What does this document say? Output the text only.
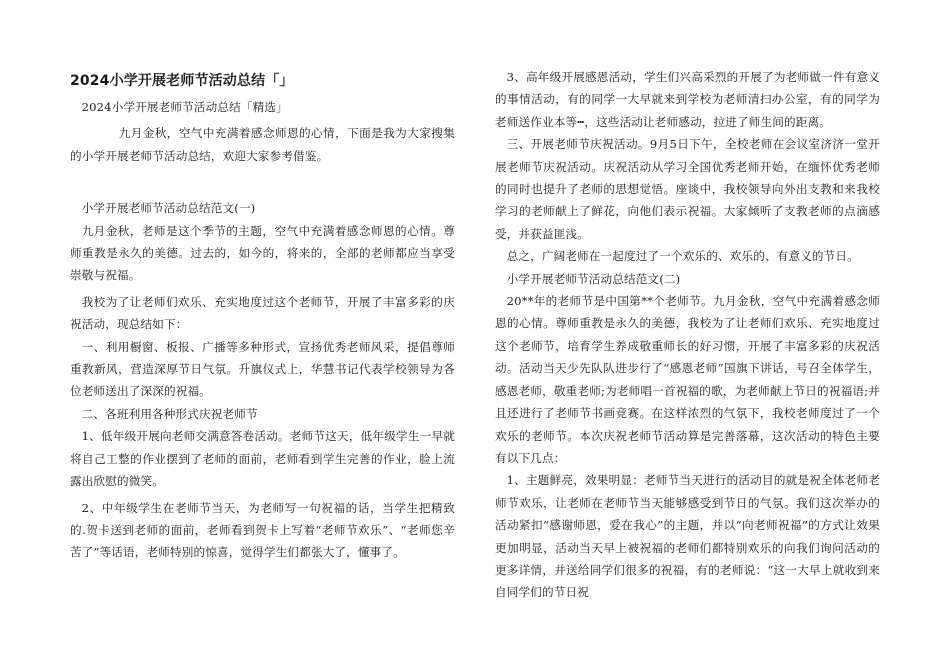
2024小学开展老师节活动总结「」

2024小学开展老师节活动总结「精选」

九月金秋，空气中充满着感念师恩的心情，下面是我为大家搜集的小学开展老师节活动总结，欢迎大家参考借鉴。

小学开展老师节活动总结范文(一)

九月金秋，老师是这个季节的主题，空气中充满着感念师恩的心情。尊师重教是永久的美德。过去的，如今的，将来的，全部的老师都应当享受崇敬与祝福。

我校为了让老师们欢乐、充实地度过这个老师节，开展了丰富多彩的庆祝活动，现总结如下：

一、利用橱窗、板报、广播等多种形式，宣扬优秀老师风采，提倡尊师重教新风，营造深厚节日气氛。升旗仪式上，华慧书记代表学校领导为各位老师送出了深深的祝福。

二、各班利用各种形式庆祝老师节

1、低年级开展向老师交满意答卷活动。老师节这天，低年级学生一早就将自己工整的作业摆到了老师的面前，老师看到学生完善的作业，脸上流露出欣慰的微笑。

2、中年级学生在老师节当天，为老师写一句祝福的话，当学生把精致的.贺卡送到老师的面前，老师看到贺卡上写着“老师节欢乐”、“老师您辛苦了”等话语，老师特别的惊喜，觉得学生们都张大了，懂事了。

3、高年级开展感恩活动，学生们兴高采烈的开展了为老师做一件有意义的事情活动，有的同学一大早就来到学校为老师清扫办公室，有的同学为老师送作业本等┅，这些活动让老师感动，拉进了师生间的距离。

三、开展老师节庆祝活动。9月5日下午，全校老师在会议室济济一堂开展老师节庆祝活动。庆祝活动从学习全国优秀老师开始，在缅怀优秀老师的同时也提升了老师的思想觉悟。座谈中，我校领导向外出支教和来我校学习的老师献上了鲜花，向他们表示祝福。大家倾听了支教老师的点滴感受，并获益匪浅。

总之，广阔老师在一起度过了一个欢乐的、欢乐的、有意义的节日。

小学开展老师节活动总结范文(二)

20**年的老师节是中国第**个老师节。九月金秋，空气中充满着感念师恩的心情。尊师重教是永久的美德，我校为了让老师们欢乐、充实地度过这个老师节，培育学生养成敬重师长的好习惯，开展了丰富多彩的庆祝活动。活动当天少先队队进步行了“感恩老师”国旗下讲话，号召全体学生，感恩老师，敬重老师;为老师唱一首祝福的歌，为老师献上节日的祝福语;并且还进行了老师节书画竞赛。在这样浓烈的气氛下，我校老师度过了一个欢乐的老师节。本次庆祝老师节活动算是完善落幕，这次活动的特色主要有以下几点：

1、主题鲜亮，效果明显：老师节当天进行的活动目的就是祝全体老师老师节欢乐，让老师在老师节当天能够感受到节日的气氛。我们这次举办的活动紧扣“感谢师恩，爱在我心”的主题，并以“向老师祝福”的方式让效果更加明显，活动当天早上被祝福的老师们都特别欢乐的向我们询问活动的更多详情，并送给同学们很多的祝福，有的老师说：“这一大早上就收到来自同学们的节日祝
